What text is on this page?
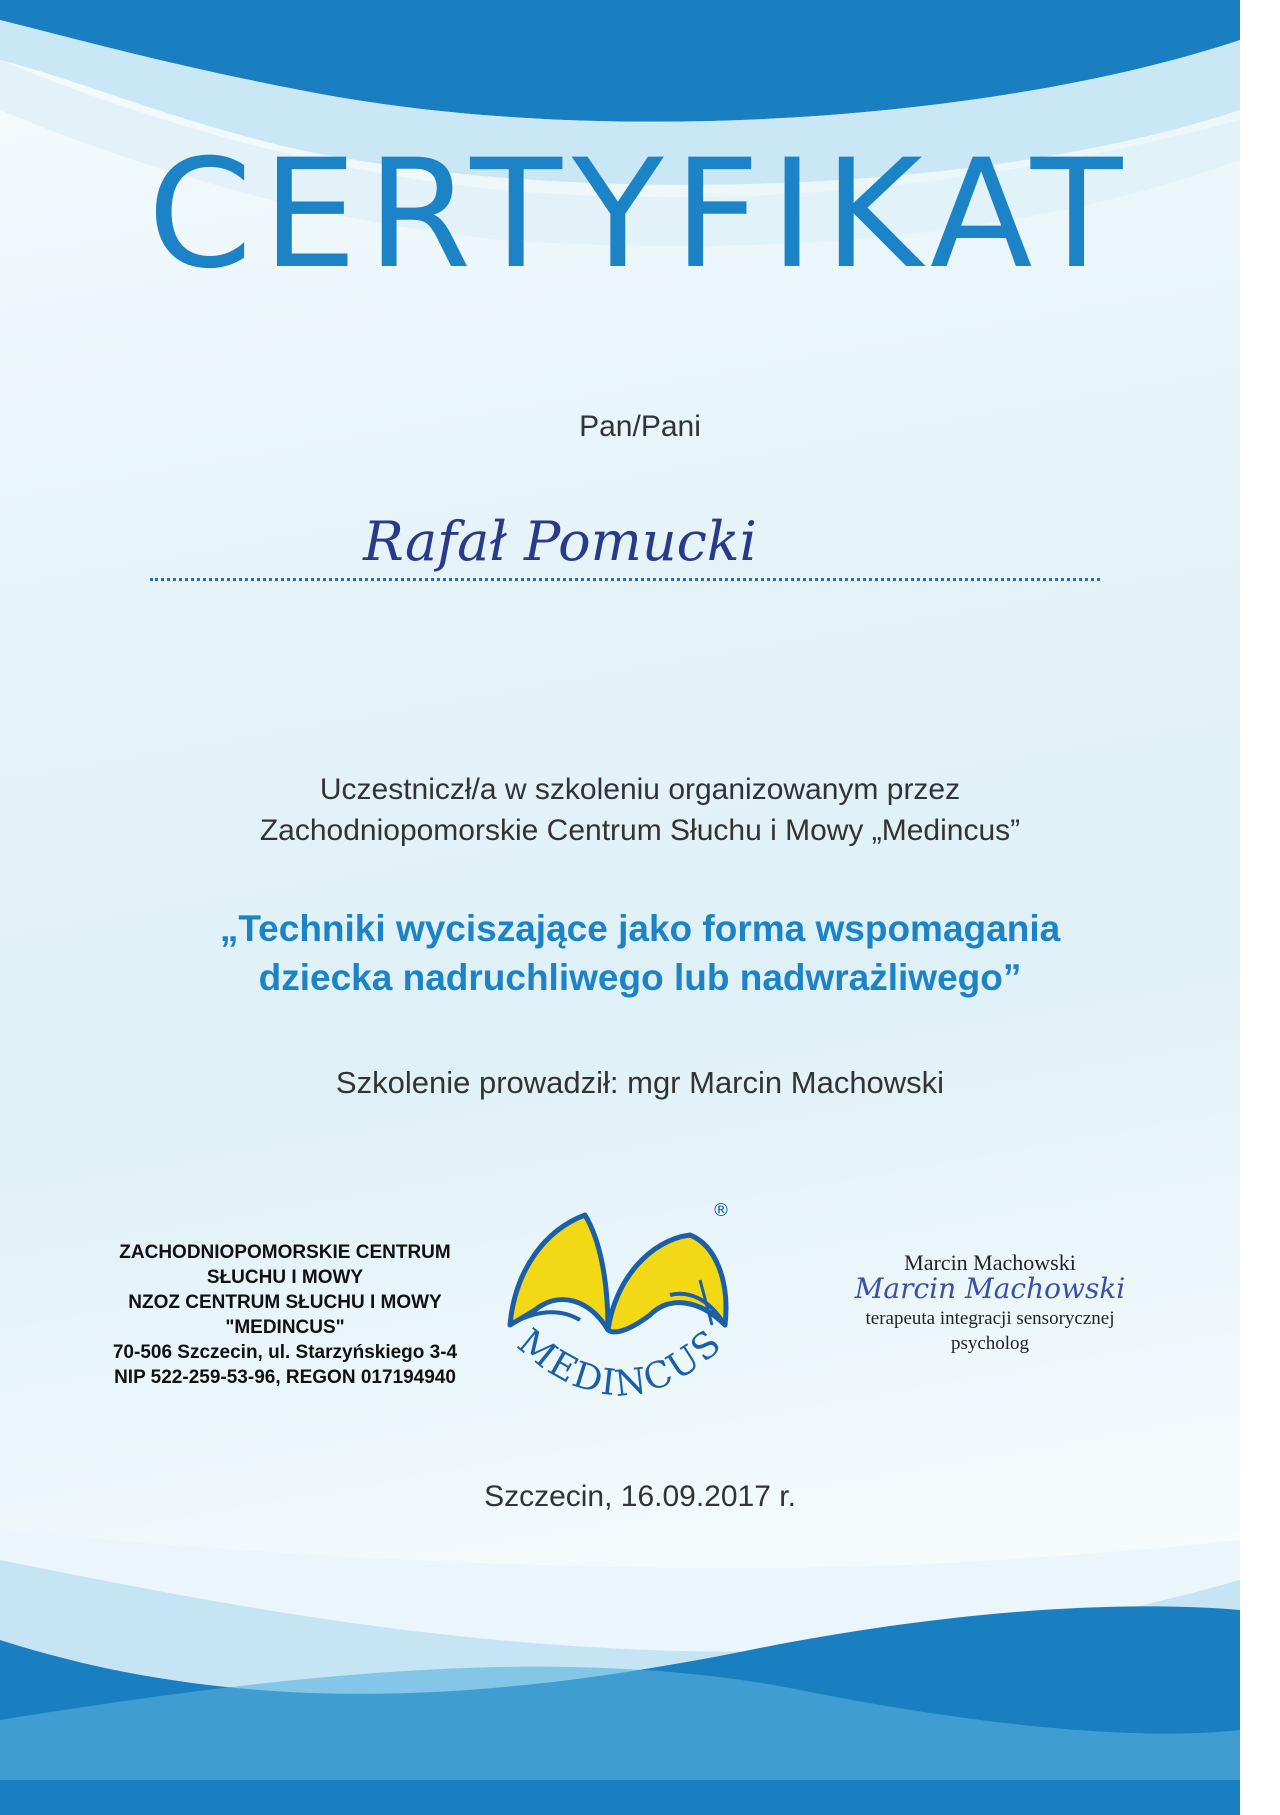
CERTYFIKAT
Pan/Pani
Rafał Pomucki
Uczestniczł/a w szkoleniu organizowanym przez
Zachodniopomorskie Centrum Słuchu i Mowy „Medincus”
„Techniki wyciszające jako forma wspomagania
dziecka nadruchliwego lub nadwrażliwego”
Szkolenie prowadził: mgr Marcin Machowski
ZACHODNIOPOMORSKIE CENTRUM
SŁUCHU I MOWY
NZOZ CENTRUM SŁUCHU I MOWY
"MEDINCUS"
70-506 Szczecin, ul. Starzyńskiego 3-4
NIP 522-259-53-96, REGON 017194940
®
MEDINCUS
Marcin Machowski
Marcin Machowski
terapeuta integracji sensorycznej
psycholog
Szczecin, 16.09.2017 r.
